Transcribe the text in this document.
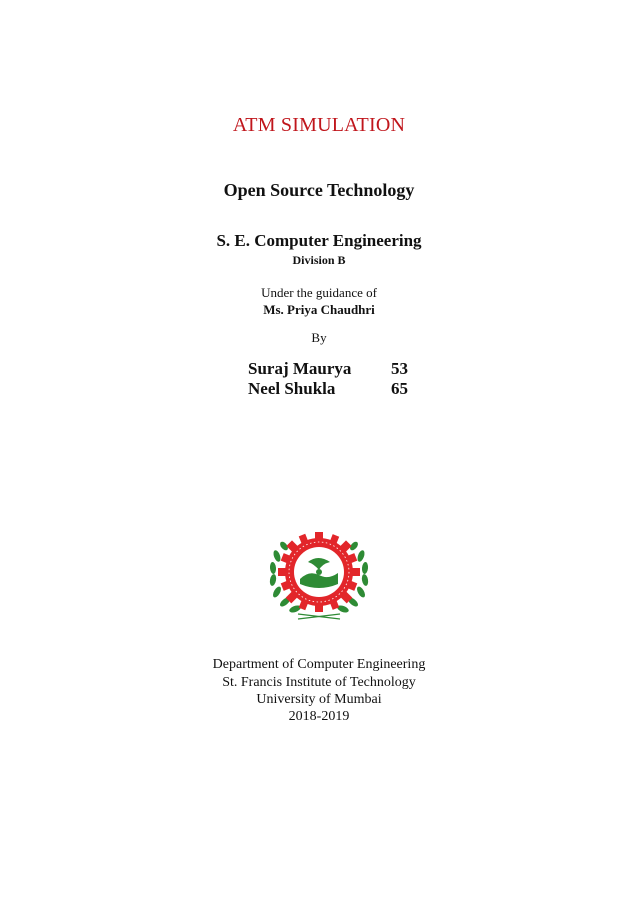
ATM SIMULATION
Open Source Technology
S. E. Computer Engineering
Division B
Under the guidance of
Ms. Priya Chaudhri
By
Suraj Maurya 53
Neel Shukla	65
Department of Computer Engineering
St. Francis Institute of Technology
University of Mumbai
2018-2019
